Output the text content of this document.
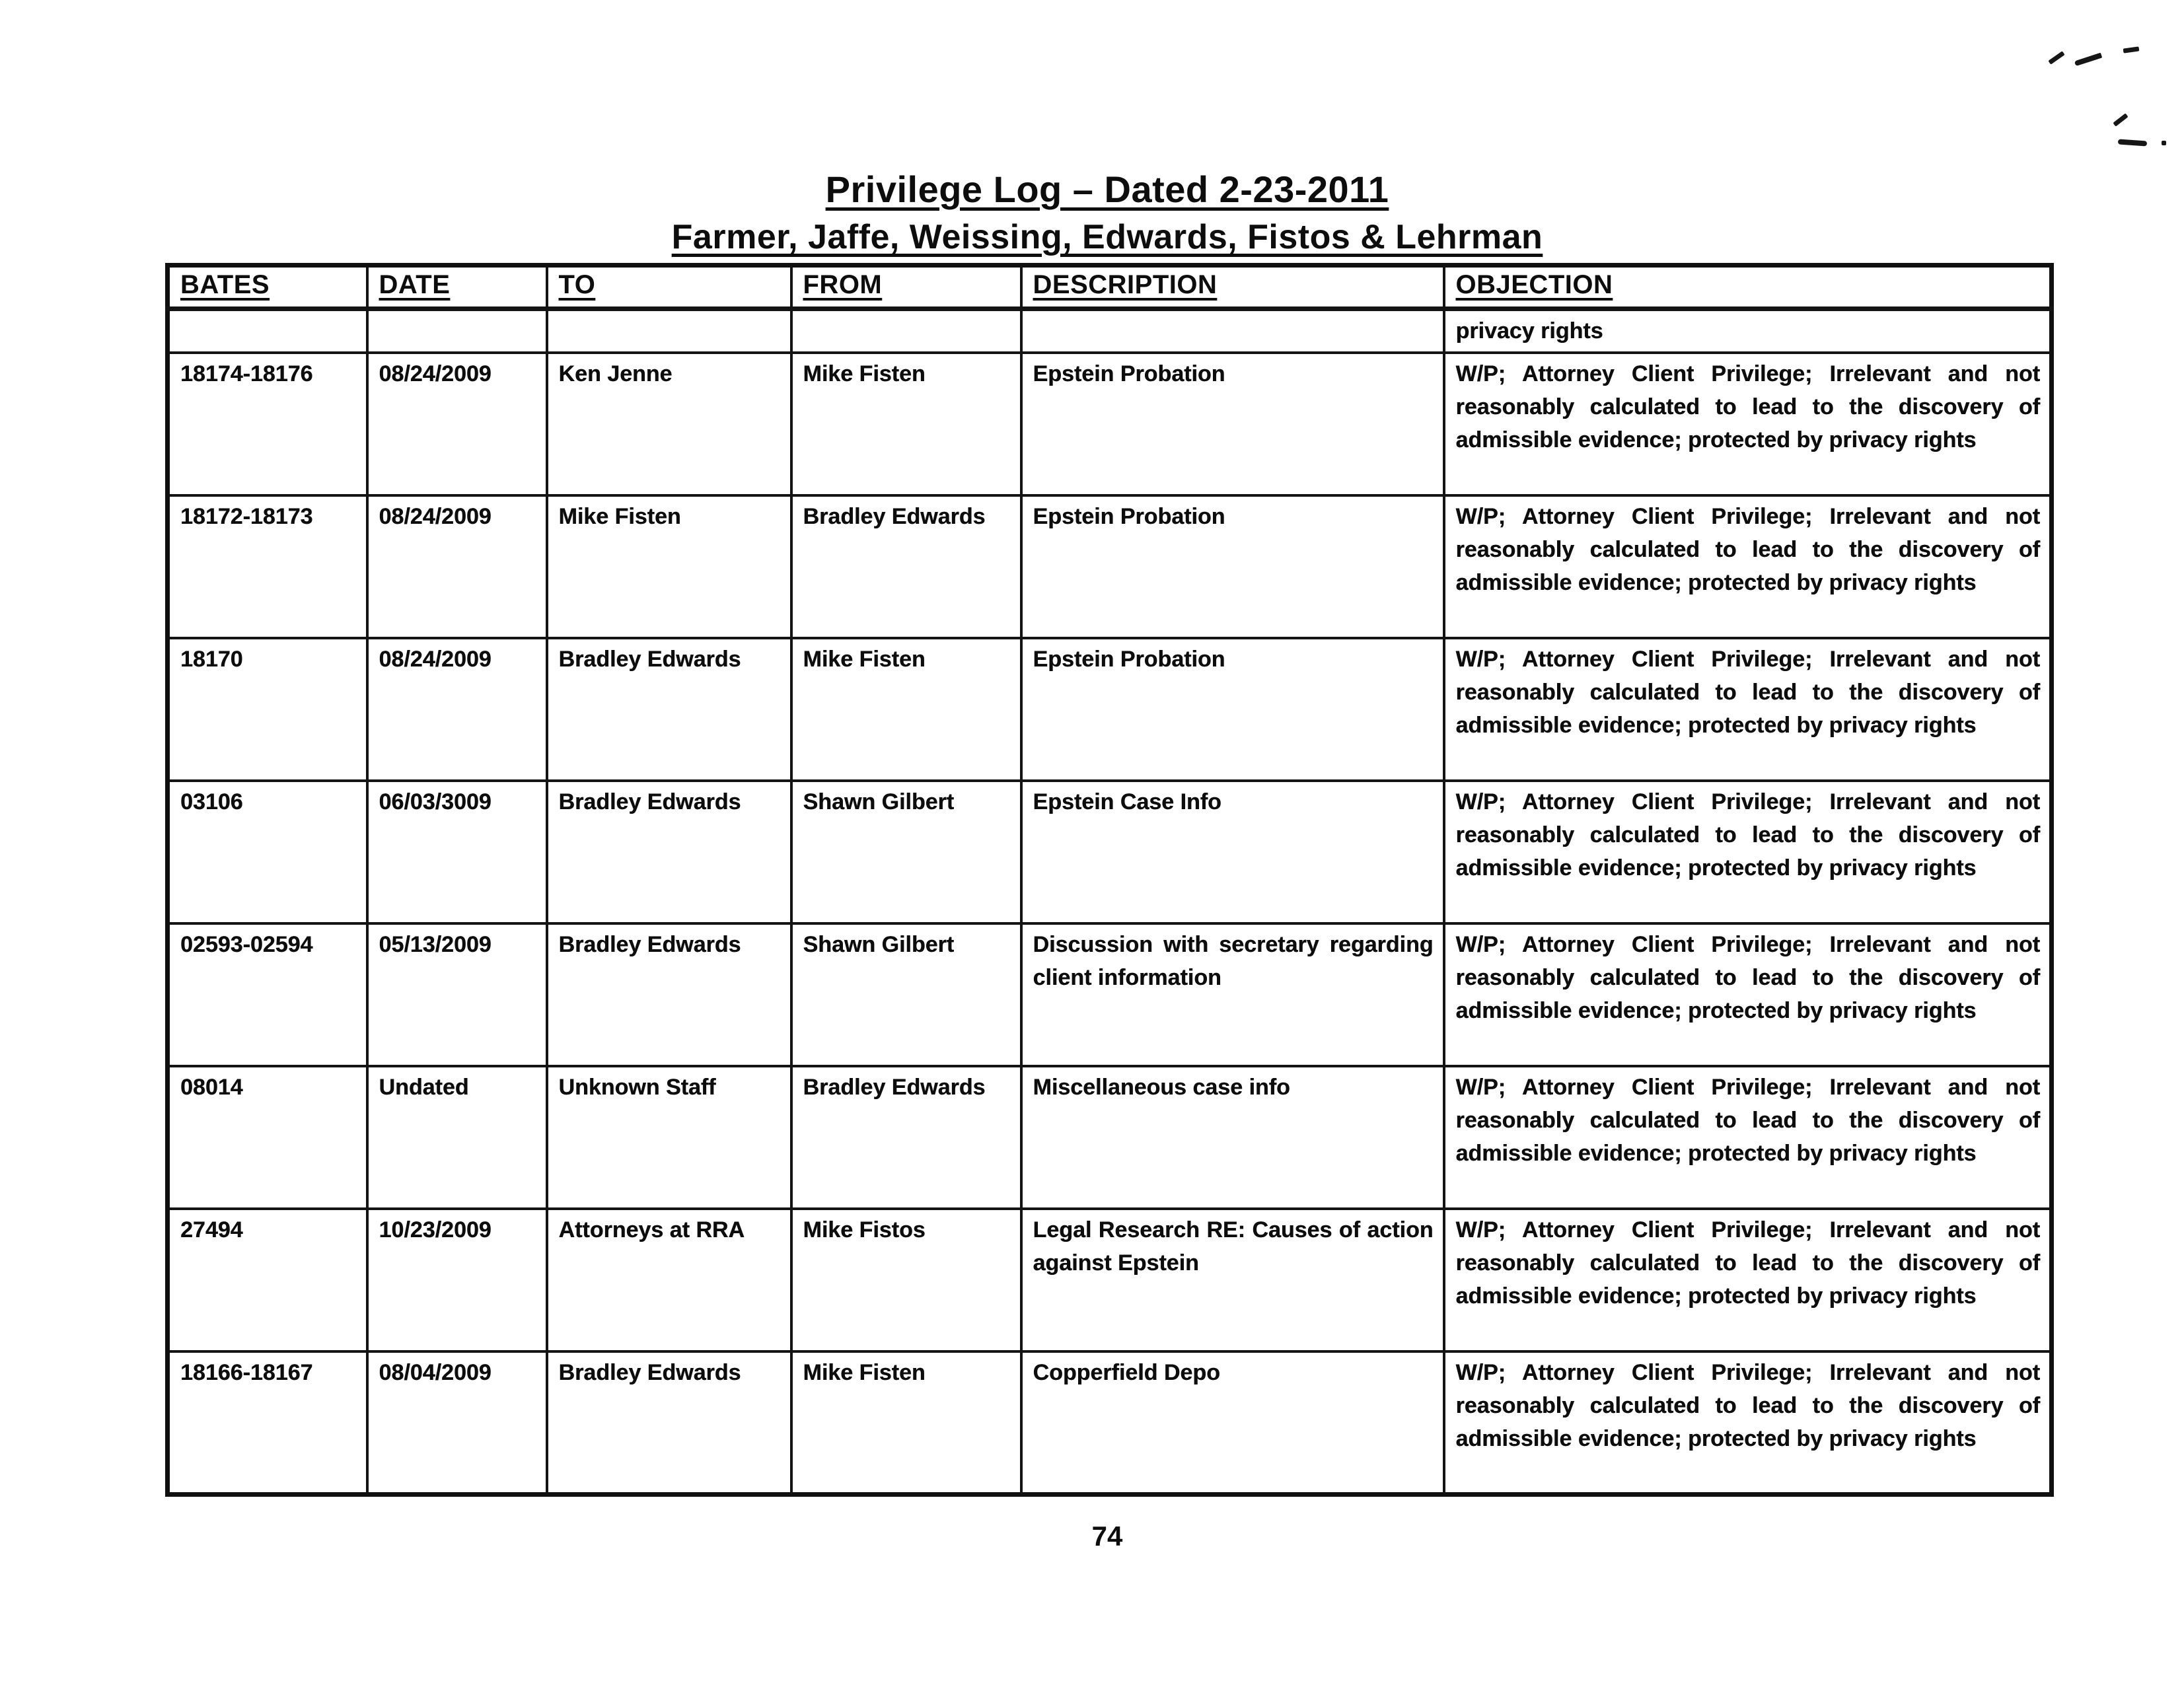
Privilege Log – Dated 2-23-2011
Farmer, Jaffe, Weissing, Edwards, Fistos & Lehrman
BATES	DATE	TO	FROM	DESCRIPTION	OBJECTION
					privacy rights
18174-18176	08/24/2009	Ken Jenne	Mike Fisten	Epstein Probation	W/P; Attorney Client Privilege; Irrelevant and not reasonably calculated to lead to the discovery of admissible evidence; protected by privacy rights
18172-18173	08/24/2009	Mike Fisten	Bradley Edwards	Epstein Probation	W/P; Attorney Client Privilege; Irrelevant and not reasonably calculated to lead to the discovery of admissible evidence; protected by privacy rights
18170	08/24/2009	Bradley Edwards	Mike Fisten	Epstein Probation	W/P; Attorney Client Privilege; Irrelevant and not reasonably calculated to lead to the discovery of admissible evidence; protected by privacy rights
03106	06/03/3009	Bradley Edwards	Shawn Gilbert	Epstein Case Info	W/P; Attorney Client Privilege; Irrelevant and not reasonably calculated to lead to the discovery of admissible evidence; protected by privacy rights
02593-02594	05/13/2009	Bradley Edwards	Shawn Gilbert	Discussion with secretary regarding client information	W/P; Attorney Client Privilege; Irrelevant and not reasonably calculated to lead to the discovery of admissible evidence; protected by privacy rights
08014	Undated	Unknown Staff	Bradley Edwards	Miscellaneous case info	W/P; Attorney Client Privilege; Irrelevant and not reasonably calculated to lead to the discovery of admissible evidence; protected by privacy rights
27494	10/23/2009	Attorneys at RRA	Mike Fistos	Legal Research RE: Causes of action against Epstein	W/P; Attorney Client Privilege; Irrelevant and not reasonably calculated to lead to the discovery of admissible evidence; protected by privacy rights
18166-18167	08/04/2009	Bradley Edwards	Mike Fisten	Copperfield Depo	W/P; Attorney Client Privilege; Irrelevant and not reasonably calculated to lead to the discovery of admissible evidence; protected by privacy rights
74
